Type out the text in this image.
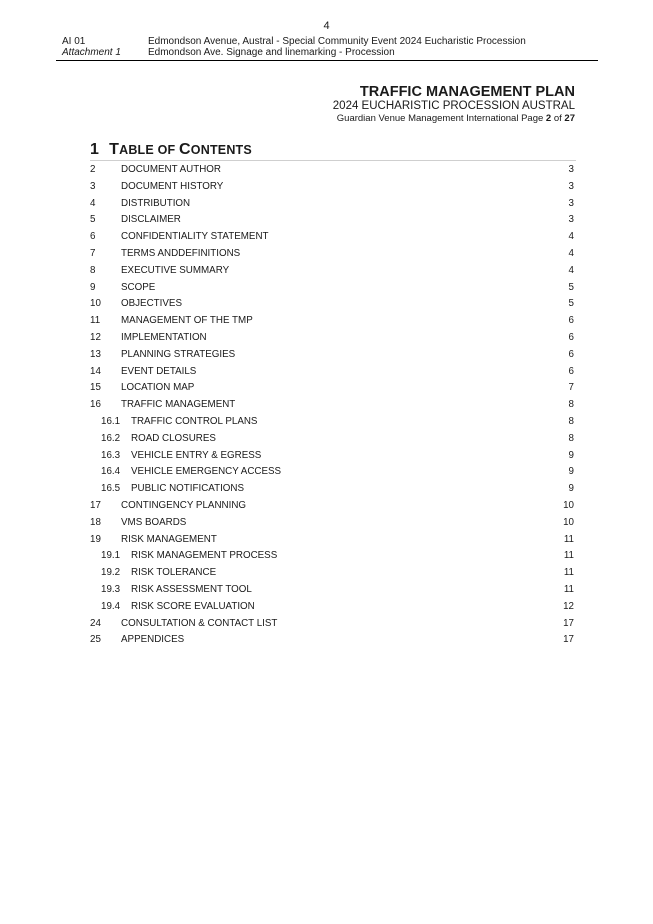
4
AI 01	Edmondson Avenue, Austral - Special Community Event 2024 Eucharistic Procession
Attachment 1	Edmondson Ave. Signage and linemarking - Procession
TRAFFIC MANAGEMENT PLAN
2024 EUCHARISTIC PROCESSION AUSTRAL
Guardian Venue Management International Page 2 of 27
1 TABLE OF CONTENTS
2	DOCUMENT AUTHOR	3
3	DOCUMENT HISTORY	3
4	DISTRIBUTION	3
5	DISCLAIMER	3
6	CONFIDENTIALITY STATEMENT	4
7	TERMS ANDDEFINITIONS	4
8	EXECUTIVE SUMMARY	4
9	SCOPE	5
10 OBJECTIVES	5
11 MANAGEMENT OF THE TMP	6
12 IMPLEMENTATION	6
13 PLANNING STRATEGIES	6
14 EVENT DETAILS	6
15 LOCATION MAP	7
16 TRAFFIC MANAGEMENT	8
16.1 TRAFFIC CONTROL PLANS	8
16.2 ROAD CLOSURES	8
16.3 VEHICLE ENTRY & EGRESS	9
16.4 VEHICLE EMERGENCY ACCESS	9
16.5 PUBLIC NOTIFICATIONS	9
17 CONTINGENCY PLANNING	10
18 VMS BOARDS	10
19 RISK MANAGEMENT	11
19.1 RISK MANAGEMENT PROCESS	11
19.2 RISK TOLERANCE	11
19.3 RISK ASSESSMENT TOOL	11
19.4 RISK SCORE EVALUATION	12
24 CONSULTATION & CONTACT LIST	17
25 APPENDICES	17
